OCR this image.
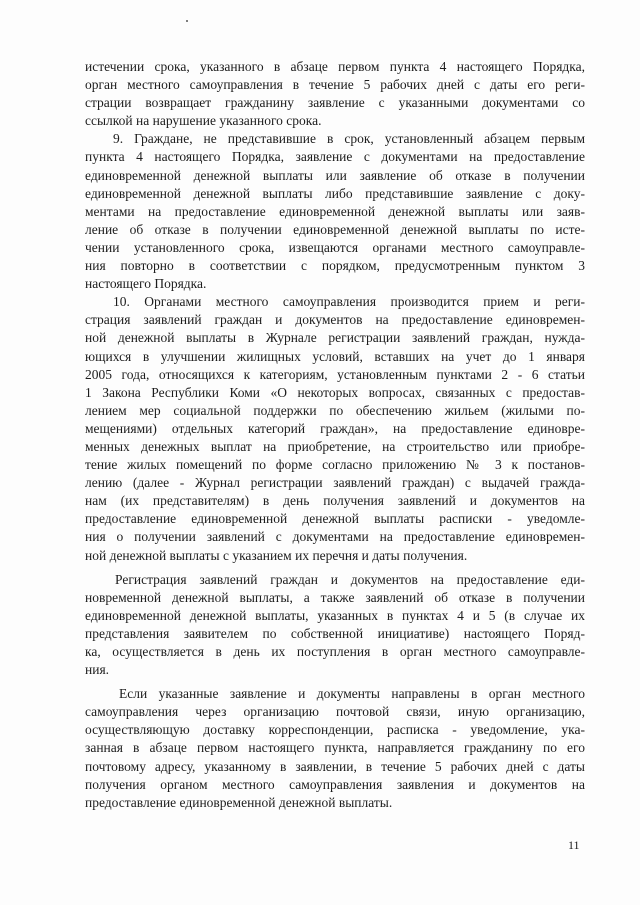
истечении срока, указанного в абзаце первом пункта 4 настоящего Порядка,
орган местного самоуправления в течение 5 рабочих дней с даты его реги-
страции возвращает гражданину заявление с указанными документами со
ссылкой на нарушение указанного срока.
9. Граждане, не представившие в срок, установленный абзацем первым
пункта 4 настоящего Порядка, заявление с документами на предоставление
единовременной денежной выплаты или заявление об отказе в получении
единовременной денежной выплаты либо представившие заявление с доку-
ментами на предоставление единовременной денежной выплаты или заяв-
ление об отказе в получении единовременной денежной выплаты по исте-
чении установленного срока, извещаются органами местного самоуправле-
ния повторно в соответствии с порядком, предусмотренным пунктом 3
настоящего Порядка.
10. Органами местного самоуправления производится прием и реги-
страция заявлений граждан и документов на предоставление единовремен-
ной денежной выплаты в Журнале регистрации заявлений граждан, нужда-
ющихся в улучшении жилищных условий, вставших на учет до 1 января
2005 года, относящихся к категориям, установленным пунктами 2 - 6 статьи
1 Закона Республики Коми «О некоторых вопросах, связанных с предостав-
лением мер социальной поддержки по обеспечению жильем (жилыми по-
мещениями) отдельных категорий граждан», на предоставление единовре-
менных денежных выплат на приобретение, на строительство или приобре-
тение жилых помещений по форме согласно приложению № 3 к постанов-
лению (далее - Журнал регистрации заявлений граждан) с выдачей гражда-
нам (их представителям) в день получения заявлений и документов на
предоставление единовременной денежной выплаты расписки - уведомле-
ния о получении заявлений с документами на предоставление единовремен-
ной денежной выплаты с указанием их перечня и даты получения.
Регистрация заявлений граждан и документов на предоставление еди-
новременной денежной выплаты, а также заявлений об отказе в получении
единовременной денежной выплаты, указанных в пунктах 4 и 5 (в случае их
представления заявителем по собственной инициативе) настоящего Поряд-
ка, осуществляется в день их поступления в орган местного самоуправле-
ния.
Если указанные заявление и документы направлены в орган местного
самоуправления через организацию почтовой связи, иную организацию,
осуществляющую доставку корреспонденции, расписка - уведомление, ука-
занная в абзаце первом настоящего пункта, направляется гражданину по его
почтовому адресу, указанному в заявлении, в течение 5 рабочих дней с даты
получения органом местного самоуправления заявления и документов на
предоставление единовременной денежной выплаты.
11
